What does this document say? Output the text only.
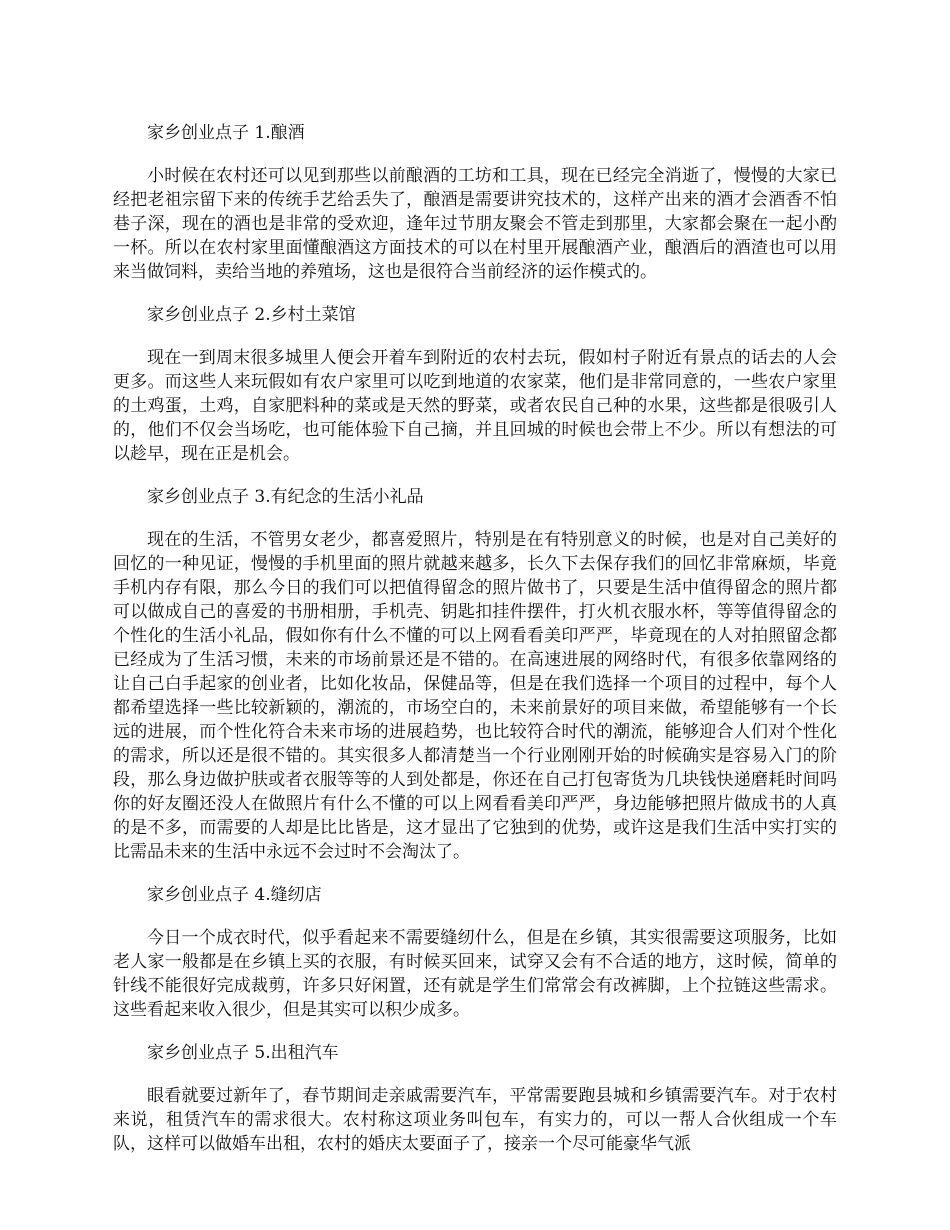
家乡创业点子 1.酿酒

小时候在农村还可以见到那些以前酿酒的工坊和工具，现在已经完全消逝了，慢慢的大家已经把老祖宗留下来的传统手艺给丢失了，酿酒是需要讲究技术的，这样产出来的酒才会酒香不怕巷子深，现在的酒也是非常的受欢迎，逢年过节朋友聚会不管走到那里，大家都会聚在一起小酌一杯。所以在农村家里面懂酿酒这方面技术的可以在村里开展酿酒产业，酿酒后的酒渣也可以用来当做饲料，卖给当地的养殖场，这也是很符合当前经济的运作模式的。

家乡创业点子 2.乡村土菜馆

现在一到周末很多城里人便会开着车到附近的农村去玩，假如村子附近有景点的话去的人会更多。而这些人来玩假如有农户家里可以吃到地道的农家菜，他们是非常同意的，一些农户家里的土鸡蛋，土鸡，自家肥料种的菜或是天然的野菜，或者农民自己种的水果，这些都是很吸引人的，他们不仅会当场吃，也可能体验下自己摘，并且回城的时候也会带上不少。所以有想法的可以趁早，现在正是机会。

家乡创业点子 3.有纪念的生活小礼品

现在的生活，不管男女老少，都喜爱照片，特别是在有特别意义的时候，也是对自己美好的回忆的一种见证，慢慢的手机里面的照片就越来越多，长久下去保存我们的回忆非常麻烦，毕竟手机内存有限，那么今日的我们可以把值得留念的照片做书了，只要是生活中值得留念的照片都可以做成自己的喜爱的书册相册，手机壳、钥匙扣挂件摆件，打火机衣服水杯，等等值得留念的个性化的生活小礼品，假如你有什么不懂的可以上网看看美印严严，毕竟现在的人对拍照留念都已经成为了生活习惯，未来的市场前景还是不错的。在高速进展的网络时代，有很多依靠网络的让自己白手起家的创业者，比如化妆品，保健品等，但是在我们选择一个项目的过程中，每个人都希望选择一些比较新颖的，潮流的，市场空白的，未来前景好的项目来做，希望能够有一个长远的进展，而个性化符合未来市场的进展趋势，也比较符合时代的潮流，能够迎合人们对个性化的需求，所以还是很不错的。其实很多人都清楚当一个行业刚刚开始的时候确实是容易入门的阶段，那么身边做护肤或者衣服等等的人到处都是，你还在自己打包寄货为几块钱快递磨耗时间吗你的好友圈还没人在做照片有什么不懂的可以上网看看美印严严，身边能够把照片做成书的人真的是不多，而需要的人却是比比皆是，这才显出了它独到的优势，或许这是我们生活中实打实的比需品未来的生活中永远不会过时不会淘汰了。

家乡创业点子 4.缝纫店

今日一个成衣时代，似乎看起来不需要缝纫什么，但是在乡镇，其实很需要这项服务，比如老人家一般都是在乡镇上买的衣服，有时候买回来，试穿又会有不合适的地方，这时候，简单的针线不能很好完成裁剪，许多只好闲置，还有就是学生们常常会有改裤脚，上个拉链这些需求。这些看起来收入很少，但是其实可以积少成多。

家乡创业点子 5.出租汽车

眼看就要过新年了，春节期间走亲戚需要汽车，平常需要跑县城和乡镇需要汽车。对于农村来说，租赁汽车的需求很大。农村称这项业务叫包车，有实力的，可以一帮人合伙组成一个车队，这样可以做婚车出租，农村的婚庆太要面子了，接亲一个尽可能豪华气派
